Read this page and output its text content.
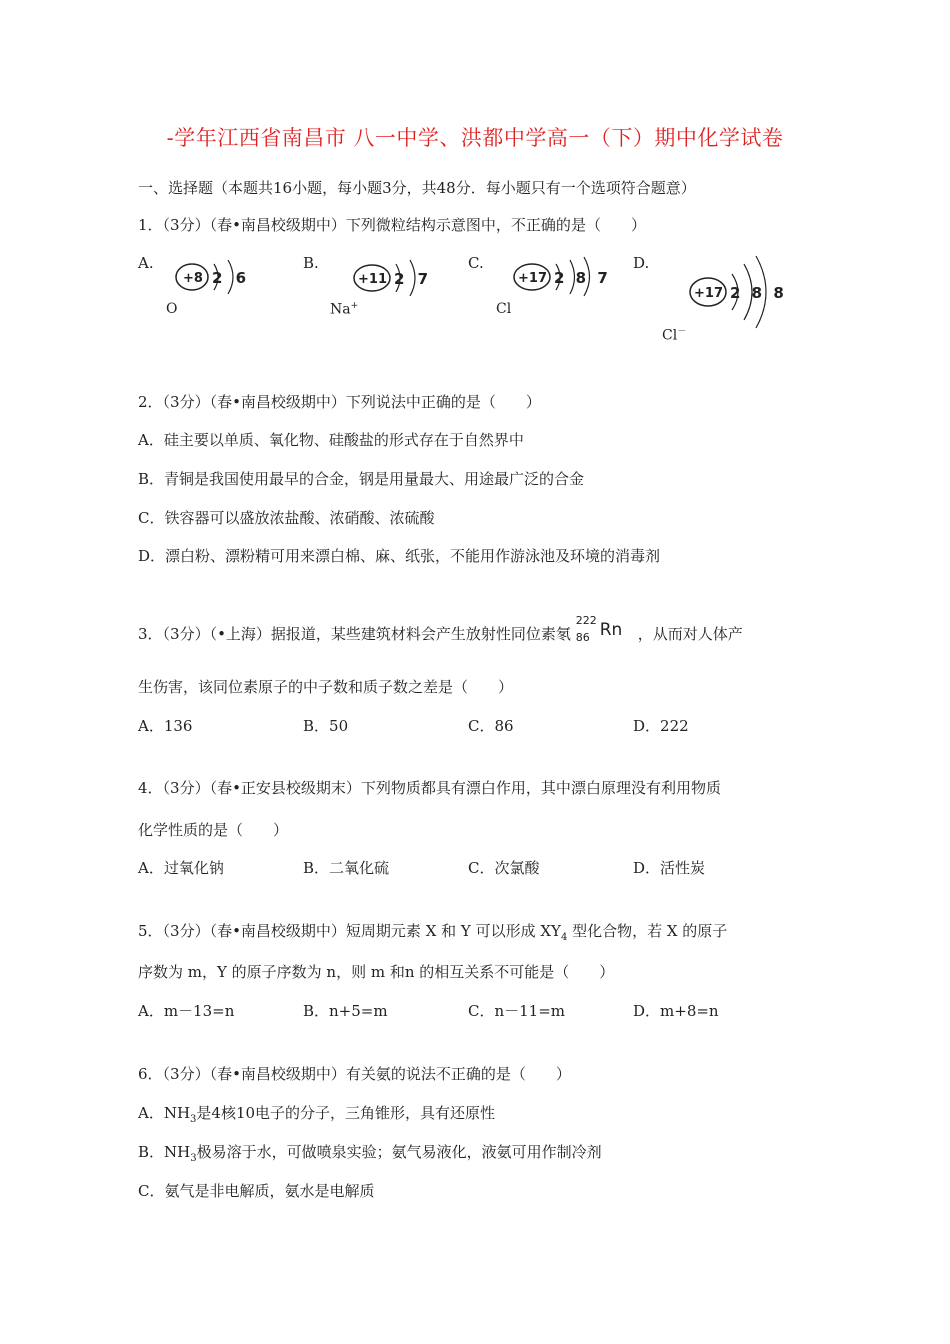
-学年江西省南昌市 八一中学、洪都中学高一（下）期中化学试卷
一、选择题（本题共16小题，每小题3分，共48分．每小题只有一个选项符合题意）
1．（3分）（春•南昌校级期中）下列微粒结构示意图中，不正确的是（　　）
A.	B.	C.	D.
+8 2 6
O
+11 2 7
Na+
+17 2 8 7
Cl
+17 2 8 8
Cl－
2．（3分）（春•南昌校级期中）下列说法中正确的是（　　）
A．硅主要以单质、氧化物、硅酸盐的形式存在于自然界中
B．青铜是我国使用最早的合金，钢是用量最大、用途最广泛的合金
C．铁容器可以盛放浓盐酸、浓硝酸、浓硫酸
D．漂白粉、漂粉精可用来漂白棉、麻、纸张，不能用作游泳池及环境的消毒剂
3．（3分）（•上海）据报道，某些建筑材料会产生放射性同位素氡
222
86 Rn ，从而对人体产
生伤害，该同位素原子的中子数和质子数之差是（　　）
A．136	B．50	C．86	D．222
4．（3分）（春•正安县校级期末）下列物质都具有漂白作用，其中漂白原理没有利用物质
化学性质的是（　　）
A．过氧化钠	B．二氧化硫	C．次氯酸	D．活性炭
5．（3分）（春•南昌校级期中）短周期元素 X 和 Y 可以形成 $XY_4$ 型化合物，若 X 的原子
序数为 m，Y 的原子序数为 n，则 m 和n 的相互关系不可能是（　　）
A．m－13=n	B．n+5=m	C．n－11=m	D．m+8=n
6．（3分）（春•南昌校级期中）有关氨的说法不正确的是（　　）
A．$NH_3$是4核10电子的分子，三角锥形，具有还原性
B．$NH_3$极易溶于水，可做喷泉实验；氨气易液化，液氨可用作制冷剂
C．氨气是非电解质，氨水是电解质
